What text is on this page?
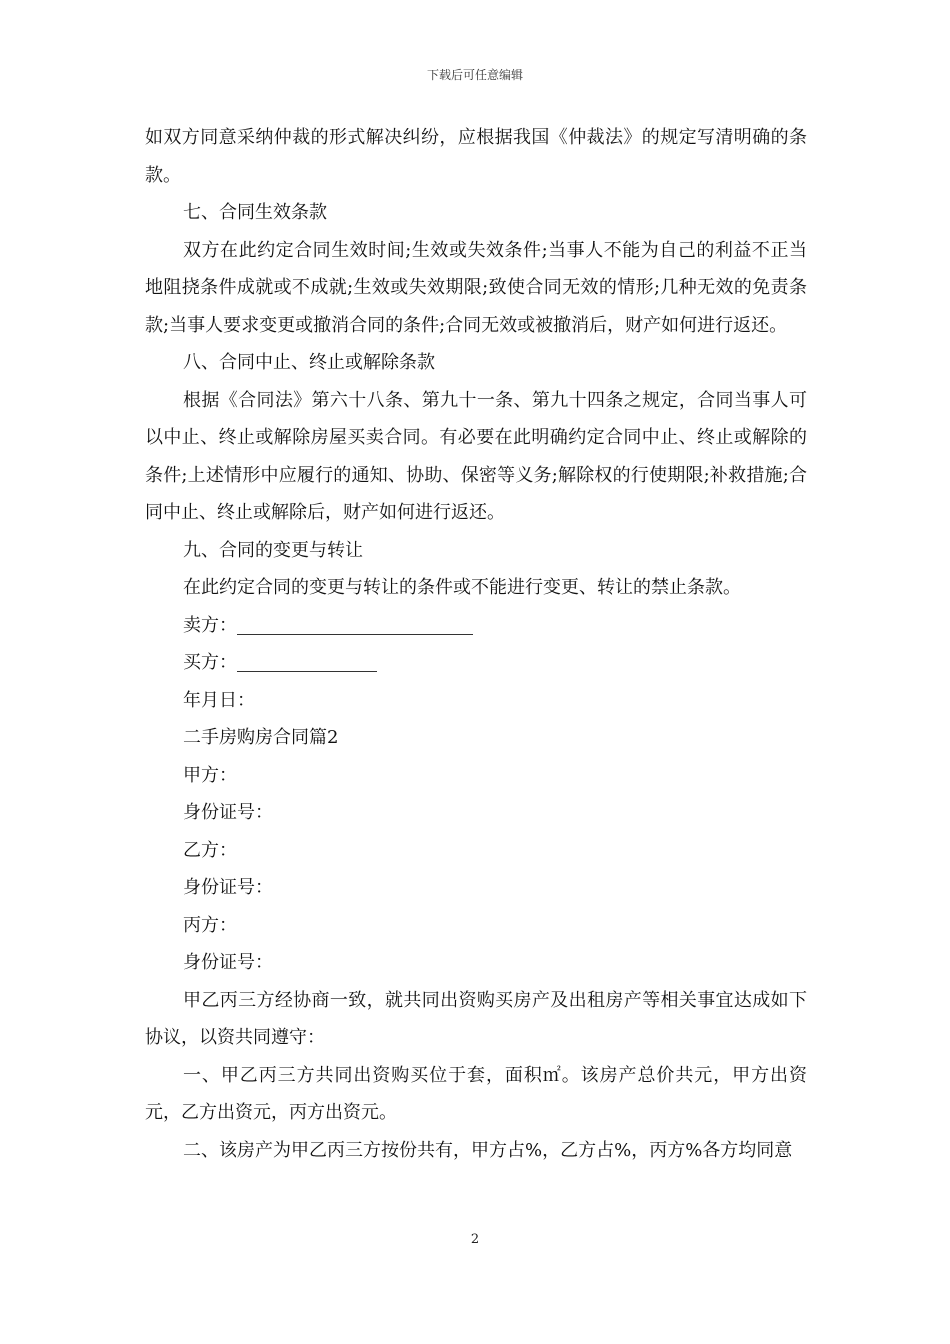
下载后可任意编辑

如双方同意采纳仲裁的形式解决纠纷，应根据我国《仲裁法》的规定写清明确的条款。

七、合同生效条款

双方在此约定合同生效时间;生效或失效条件;当事人不能为自己的利益不正当地阻挠条件成就或不成就;生效或失效期限;致使合同无效的情形;几种无效的免责条款;当事人要求变更或撤消合同的条件;合同无效或被撤消后，财产如何进行返还。

八、合同中止、终止或解除条款

根据《合同法》第六十八条、第九十一条、第九十四条之规定，合同当事人可以中止、终止或解除房屋买卖合同。有必要在此明确约定合同中止、终止或解除的条件;上述情形中应履行的通知、协助、保密等义务;解除权的行使期限;补救措施;合同中止、终止或解除后，财产如何进行返还。

九、合同的变更与转让

在此约定合同的变更与转让的条件或不能进行变更、转让的禁止条款。

卖方：

买方：

年月日：

二手房购房合同篇2

甲方：

身份证号：

乙方：

身份证号：

丙方：

身份证号：

甲乙丙三方经协商一致，就共同出资购买房产及出租房产等相关事宜达成如下协议，以资共同遵守：

一、甲乙丙三方共同出资购买位于套，面积㎡。该房产总价共元，甲方出资元，乙方出资元，丙方出资元。

二、该房产为甲乙丙三方按份共有，甲方占%，乙方占%，丙方%各方均同意

2
